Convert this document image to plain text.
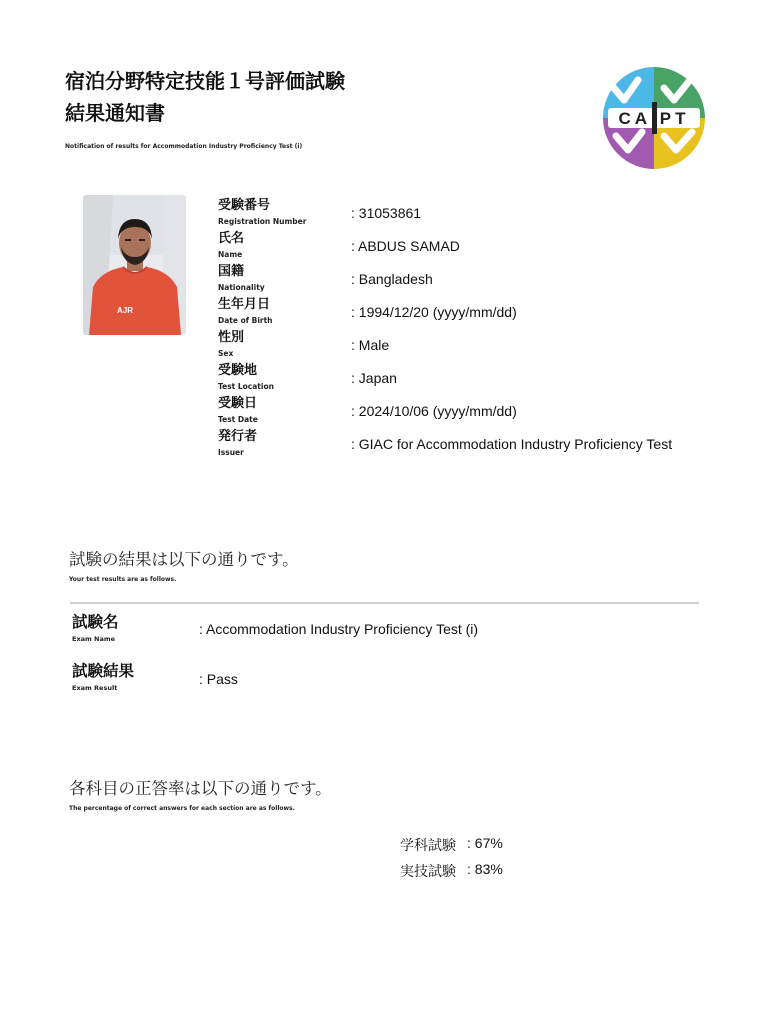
宿泊分野特定技能１号評価試験
結果通知書
Notification of results for Accommodation Industry Proficiency Test (i)
CAIPT
AJR
受験番号
Registration Number
: 31053861
氏名
Name
: ABDUS SAMAD
国籍
Nationality
: Bangladesh
生年月日
Date of Birth
: 1994/12/20 (yyyy/mm/dd)
性別
Sex
: Male
受験地
Test Location
: Japan
受験日
Test Date
: 2024/10/06 (yyyy/mm/dd)
発行者
Issuer
: GIAC for Accommodation Industry Proficiency Test
試験の結果は以下の通りです。
Your test results are as follows.
試験名
Exam Name
: Accommodation Industry Proficiency Test (i)
試験結果
Exam Result
: Pass
各科目の正答率は以下の通りです。
The percentage of correct answers for each section are as follows.
学科試験 : 67%
実技試験 : 83%
